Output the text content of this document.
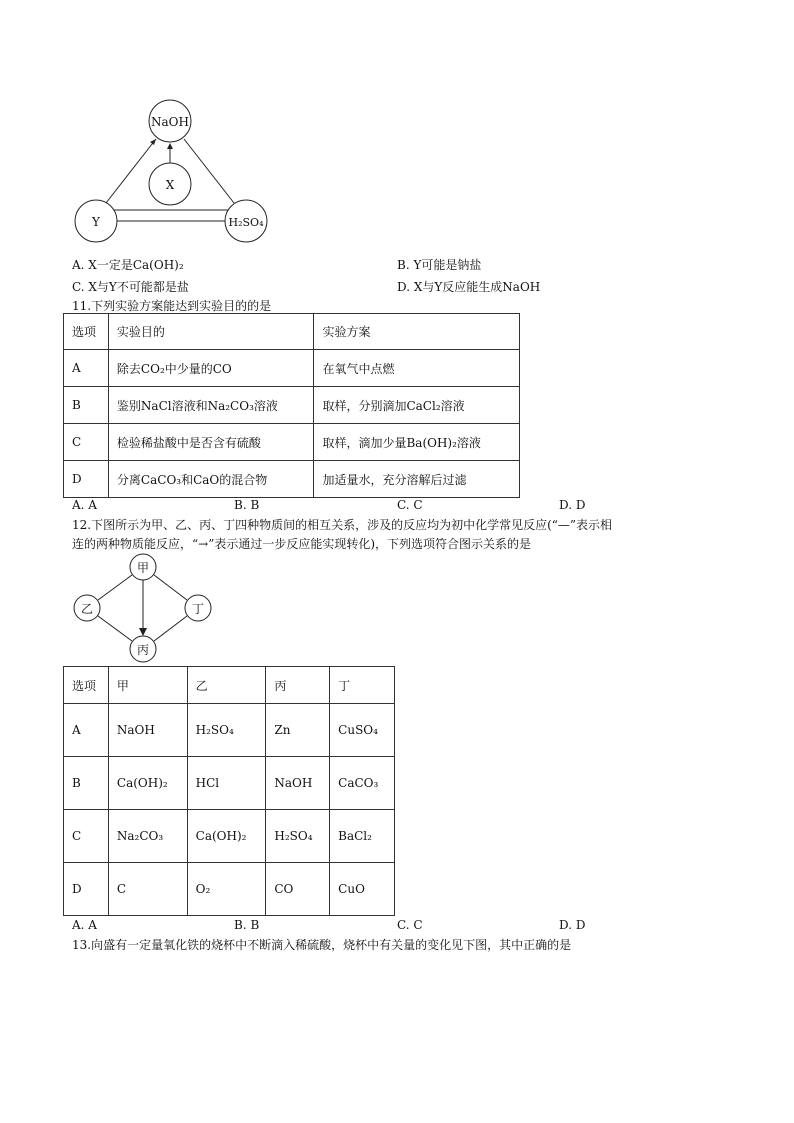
NaOH
X
Y	H₂SO₄
A. X一定是Ca(OH)₂	B. Y可能是钠盐
C. X与Y不可能都是盐	D. X与Y反应能生成NaOH
11.下列实验方案能达到实验目的的是
选项	实验目的	实验方案
A	除去CO₂中少量的CO	在氧气中点燃
B	鉴别NaCl溶液和Na₂CO₃溶液	取样，分别滴加CaCl₂溶液
C	检验稀盐酸中是否含有硫酸	取样，滴加少量Ba(OH)₂溶液
D	分离CaCO₃和CaO的混合物	加适量水，充分溶解后过滤
A. A	B. B	C. C	D. D
12.下图所示为甲、乙、丙、丁四种物质间的相互关系，涉及的反应均为初中化学常见反应(“—”表示相
连的两种物质能反应，“→”表示通过一步反应能实现转化)，下列选项符合图示关系的是
甲
乙	丁
丙
选项	甲	乙	丙	丁
A	NaOH	H₂SO₄	Zn	CuSO₄
B	Ca(OH)₂	HCl	NaOH	CaCO₃
C	Na₂CO₃	Ca(OH)₂	H₂SO₄	BaCl₂
D	C	O₂	CO	CuO
A. A	B. B	C. C	D. D
13.向盛有一定量氧化铁的烧杯中不断滴入稀硫酸，烧杯中有关量的变化见下图，其中正确的是
